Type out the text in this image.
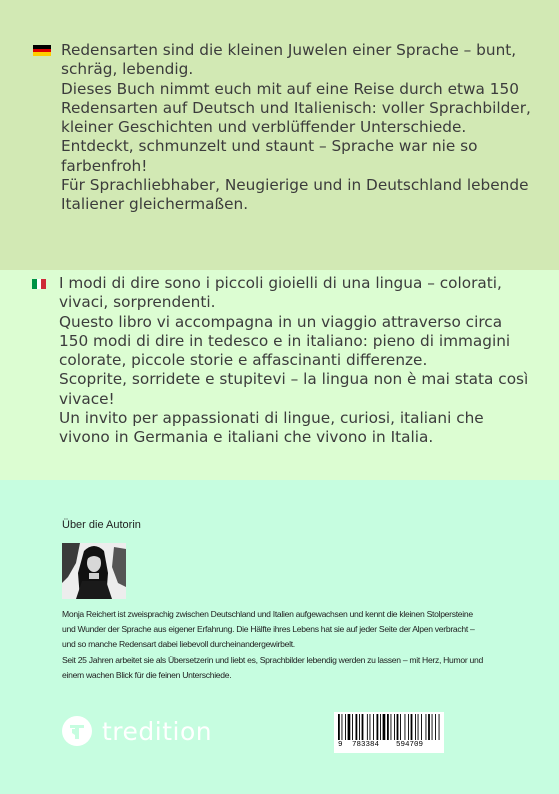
Redensarten sind die kleinen Juwelen einer Sprache – bunt,

schräg, lebendig.

Dieses Buch nimmt euch mit auf eine Reise durch etwa 150

Redensarten auf Deutsch und Italienisch: voller Sprachbilder,

kleiner Geschichten und verblüffender Unterschiede.

Entdeckt, schmunzelt und staunt – Sprache war nie so

farbenfroh!

Für Sprachliebhaber, Neugierige und in Deutschland lebende

Italiener gleichermaßen.

I modi di dire sono i piccoli gioielli di una lingua – colorati,

vivaci, sorprendenti.

Questo libro vi accompagna in un viaggio attraverso circa

150 modi di dire in tedesco e in italiano: pieno di immagini

colorate, piccole storie e affascinanti differenze.

Scoprite, sorridete e stupitevi – la lingua non è mai stata così

vivace!

Un invito per appassionati di lingue, curiosi, italiani che

vivono in Germania e italiani che vivono in Italia.

Über die Autorin

Monja Reichert ist zweisprachig zwischen Deutschland und Italien aufgewachsen und kennt die kleinen Stolpersteine

und Wunder der Sprache aus eigener Erfahrung. Die Hälfte ihres Lebens hat sie auf jeder Seite der Alpen verbracht –

und so manche Redensart dabei liebevoll durcheinandergewirbelt.

Seit 25 Jahren arbeitet sie als Übersetzerin und liebt es, Sprachbilder lebendig werden zu lassen – mit Herz, Humor und

einem wachen Blick für die feinen Unterschiede.

tredition	9 783384 594709
